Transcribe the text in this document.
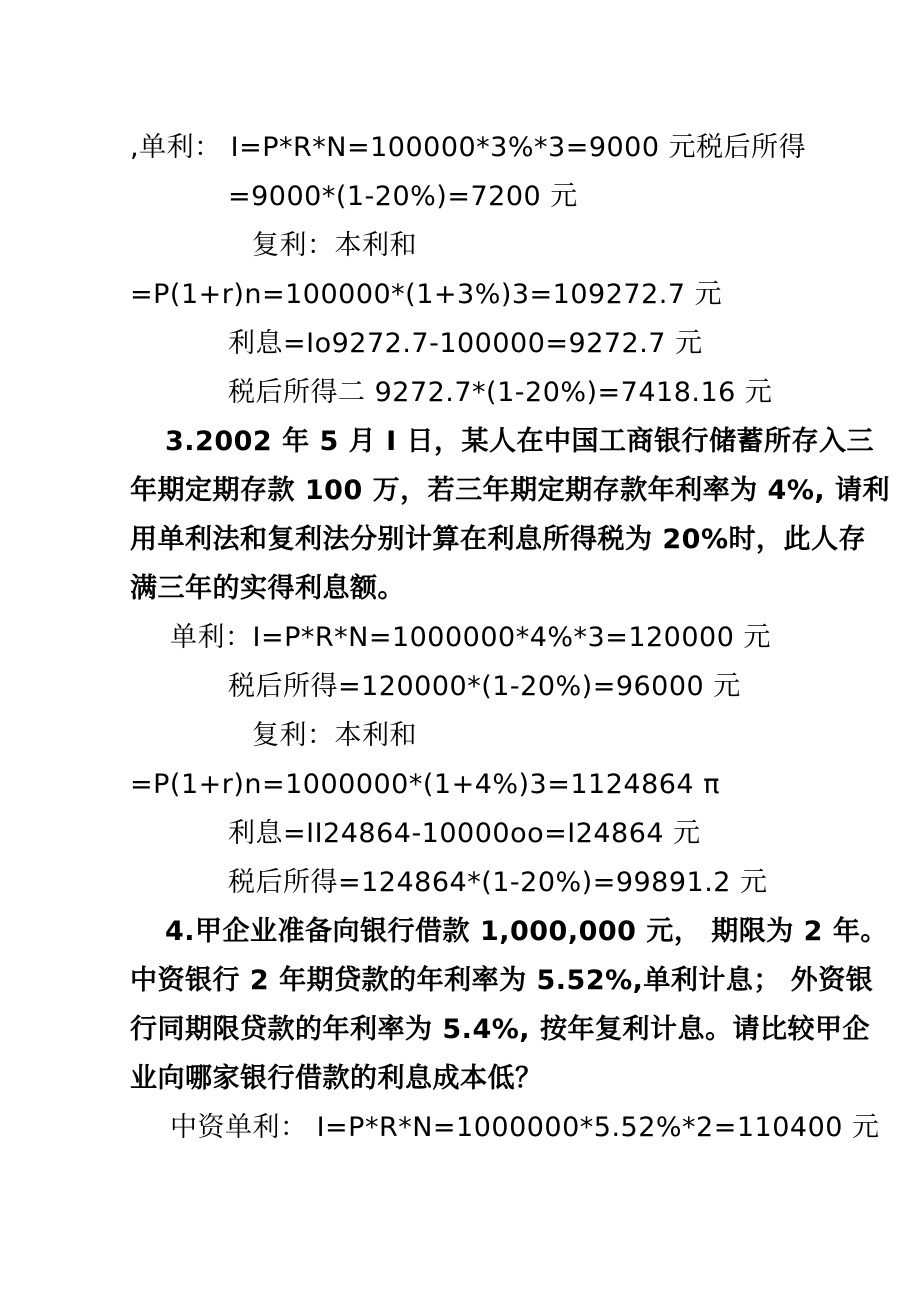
,单利： I=P*R*N=100000*3%*3=9000 元税后所得
=9000*(1-20%)=7200 元
复利：本利和
=P(1+r)n=100000*(1+3%)3=109272.7 元
利息=Io9272.7-100000=9272.7 元
税后所得二 9272.7*(1-20%)=7418.16 元
3.2002 年 5 月 I 日，某人在中国工商银行储蓄所存入三
年期定期存款 100 万，若三年期定期存款年利率为 4%, 请利
用单利法和复利法分别计算在利息所得税为 20%时，此人存
满三年的实得利息额。
单利：I=P*R*N=1000000*4%*3=120000 元
税后所得=120000*(1-20%)=96000 元
复利：本利和
=P(1+r)n=1000000*(1+4%)3=1124864 π
利息=II24864-10000oo=I24864 元
税后所得=124864*(1-20%)=99891.2 元
4.甲企业准备向银行借款 1,000,000 元， 期限为 2 年。
中资银行 2 年期贷款的年利率为 5.52%,单利计息； 外资银
行同期限贷款的年利率为 5.4%, 按年复利计息。请比较甲企
业向哪家银行借款的利息成本低？
中资单利： I=P*R*N=1000000*5.52%*2=110400 元
